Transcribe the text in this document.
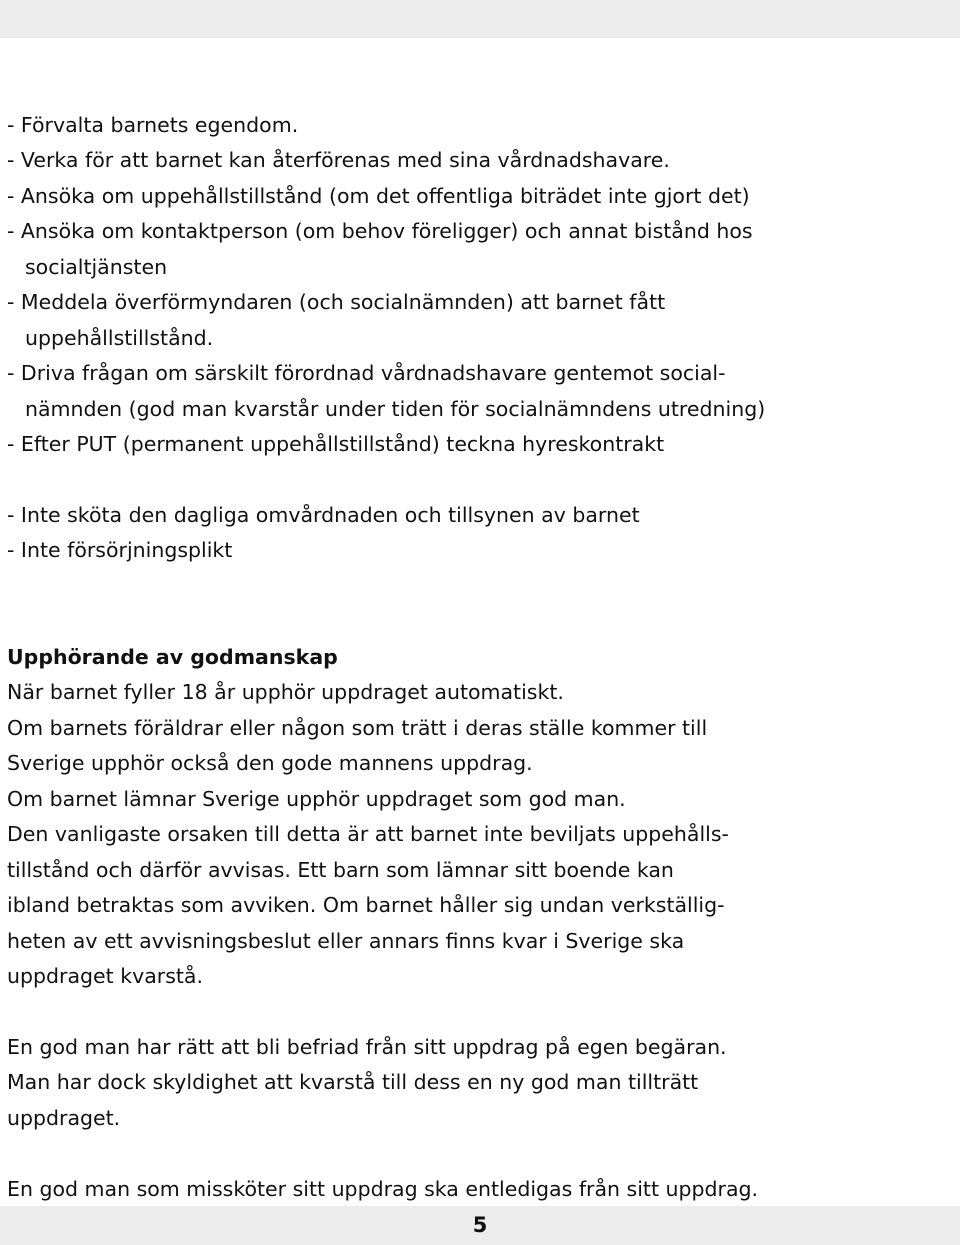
- Förvalta barnets egendom.
- Verka för att barnet kan återförenas med sina vårdnadshavare.
- Ansöka om uppehållstillstånd (om det offentliga biträdet inte gjort det)
- Ansöka om kontaktperson (om behov föreligger) och annat bistånd hos
socialtjänsten
- Meddela överförmyndaren (och socialnämnden) att barnet fått
uppehållstillstånd.
- Driva frågan om särskilt förordnad vårdnadshavare gentemot social-
nämnden (god man kvarstår under tiden för socialnämndens utredning)
- Efter PUT (permanent uppehållstillstånd) teckna hyreskontrakt
- Inte sköta den dagliga omvårdnaden och tillsynen av barnet
- Inte försörjningsplikt
Upphörande av godmanskap
När barnet fyller 18 år upphör uppdraget automatiskt.
Om barnets föräldrar eller någon som trätt i deras ställe kommer till
Sverige upphör också den gode mannens uppdrag.
Om barnet lämnar Sverige upphör uppdraget som god man.
Den vanligaste orsaken till detta är att barnet inte beviljats uppehålls-
tillstånd och därför avvisas. Ett barn som lämnar sitt boende kan
ibland betraktas som avviken. Om barnet håller sig undan verkställig-
heten av ett avvisningsbeslut eller annars finns kvar i Sverige ska
uppdraget kvarstå.
En god man har rätt att bli befriad från sitt uppdrag på egen begäran.
Man har dock skyldighet att kvarstå till dess en ny god man tillträtt
uppdraget.
En god man som missköter sitt uppdrag ska entledigas från sitt uppdrag.
5
